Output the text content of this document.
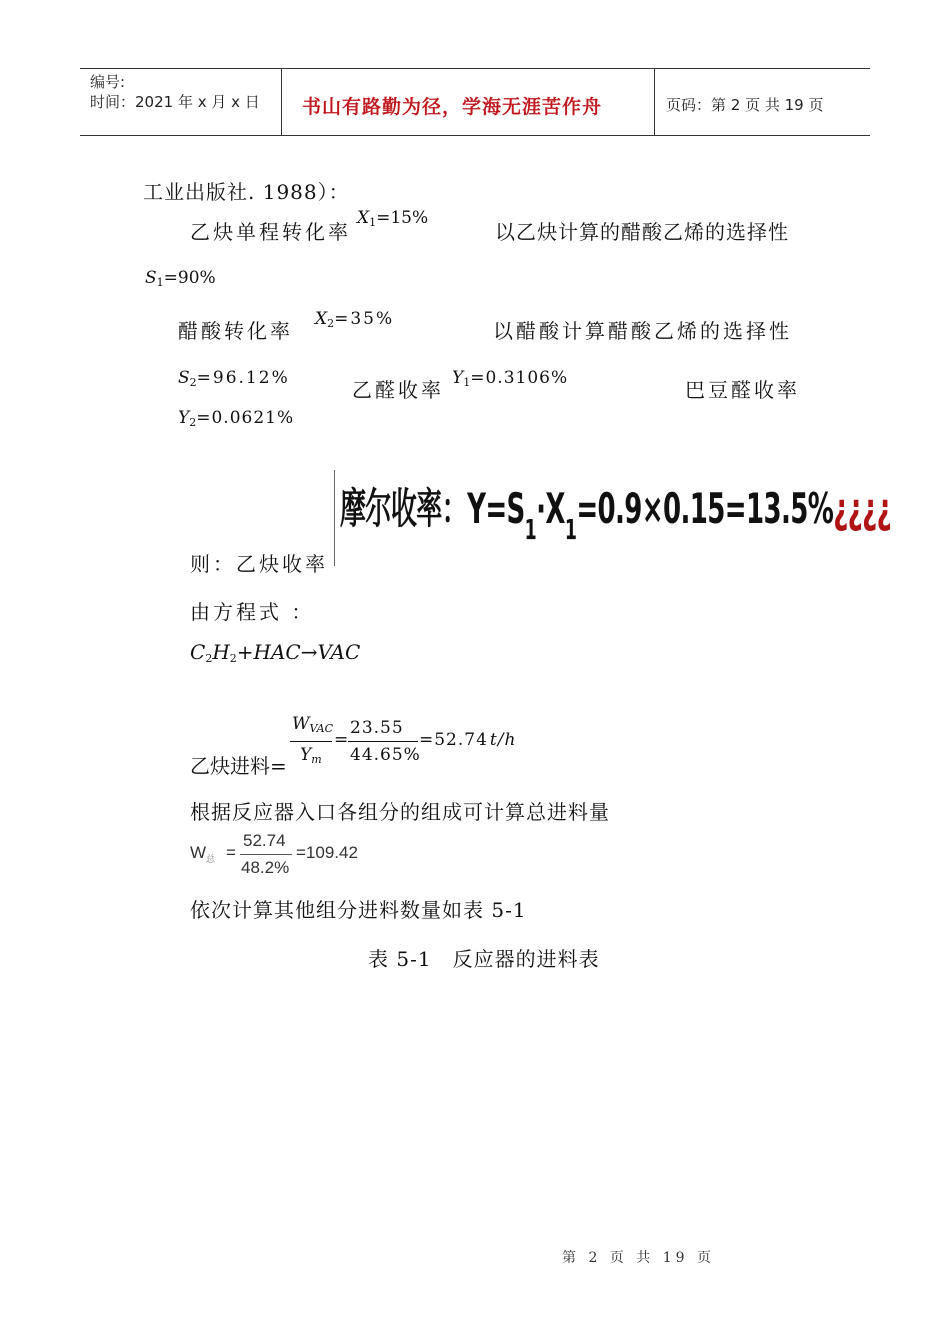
编号:
时间：2021 年 x 月 x 日 书山有路勤为径，学海无涯苦作舟	页码：第 2 页 共 19 页
工业出版社. 1988）：
乙炔单程转化率
$X_1=15\%$
以乙炔计算的醋酸乙烯的选择性
$S_1=90\%$
醋酸转化率 $X_2=35\%$	以醋酸计算醋酸乙烯的选择性
$S_2=96.12\%$	乙醛收率 $Y_1=0.3106\%$	巴豆醛收率
$Y_2=0.0621\%$
摩尔收率：$Y=S_1\cdot X_1=0.9\times 0.15=13.5\%¿¿¿¿$
则：乙炔收率
由方程式 ：
$C_2H_2+HAC\to VAC$
乙炔进料=
$W_{VAC}$
$Y_m$
=
23.55
44.65%
=52.74 t/h
根据反应器入口各组分的组成可计算总进料量
$W_总$ =
52.74
48.2%
=109.42
依次计算其他组分进料数量如表 5-1
表 5-1　反应器的进料表
第 2 页 共 19 页
